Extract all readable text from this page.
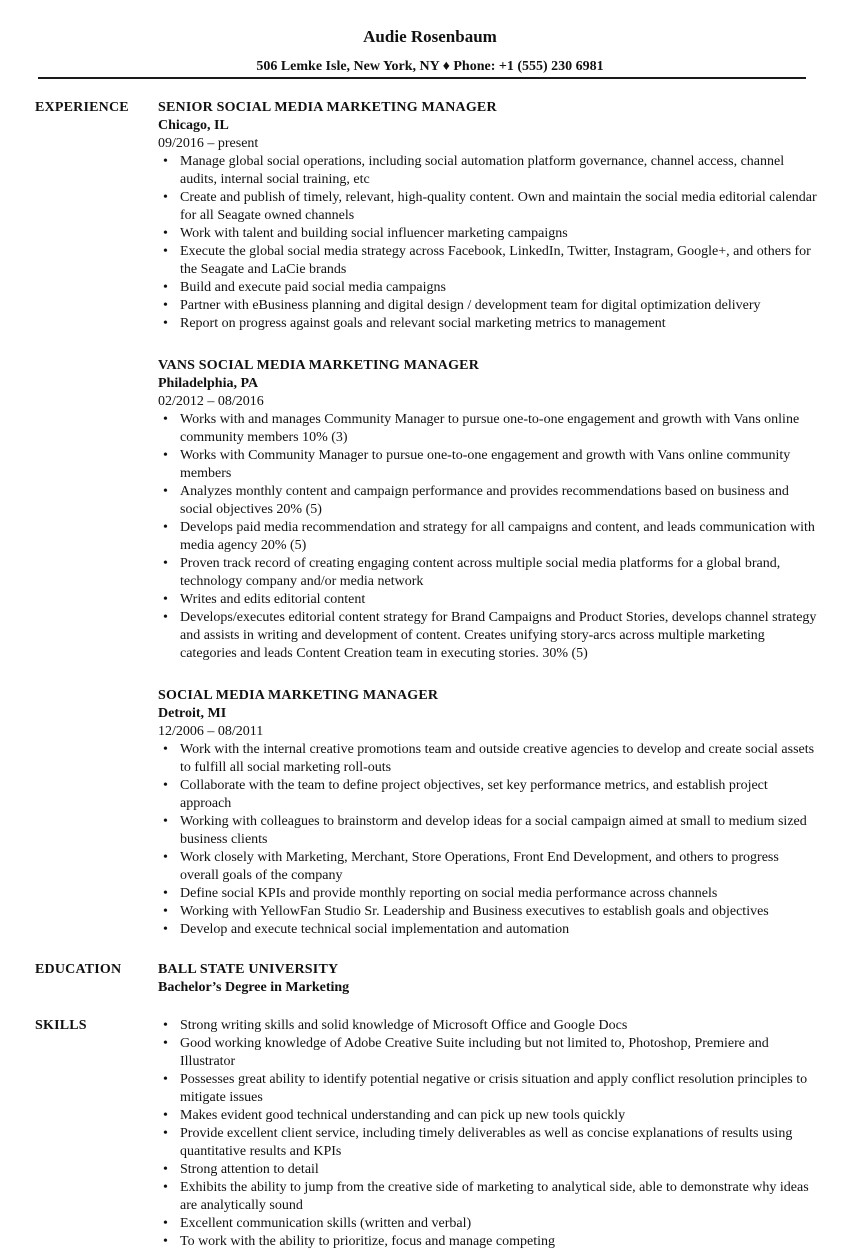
Audie Rosenbaum
506 Lemke Isle, New York, NY ♦ Phone: +1 (555) 230 6981
EXPERIENCE SENIOR SOCIAL MEDIA MARKETING MANAGER
Chicago, IL
09/2016 – present
• Manage global social operations, including social automation platform governance, channel access, channel audits, internal social training, etc
• Create and publish of timely, relevant, high-quality content. Own and maintain the social media editorial calendar for all Seagate owned channels
• Work with talent and building social influencer marketing campaigns
• Execute the global social media strategy across Facebook, LinkedIn, Twitter, Instagram, Google+, and others for the Seagate and LaCie brands
• Build and execute paid social media campaigns
• Partner with eBusiness planning and digital design / development team for digital optimization delivery
• Report on progress against goals and relevant social marketing metrics to management
VANS SOCIAL MEDIA MARKETING MANAGER
Philadelphia, PA
02/2012 – 08/2016
• Works with and manages Community Manager to pursue one-to-one engagement and growth with Vans online community members 10% (3)
• Works with Community Manager to pursue one-to-one engagement and growth with Vans online community members
• Analyzes monthly content and campaign performance and provides recommendations based on business and social objectives 20% (5)
• Develops paid media recommendation and strategy for all campaigns and content, and leads communication with media agency 20% (5)
• Proven track record of creating engaging content across multiple social media platforms for a global brand, technology company and/or media network
• Writes and edits editorial content
• Develops/executes editorial content strategy for Brand Campaigns and Product Stories, develops channel strategy and assists in writing and development of content. Creates unifying story-arcs across multiple marketing categories and leads Content Creation team in executing stories. 30% (5)
SOCIAL MEDIA MARKETING MANAGER
Detroit, MI
12/2006 – 08/2011
• Work with the internal creative promotions team and outside creative agencies to develop and create social assets to fulfill all social marketing roll-outs
• Collaborate with the team to define project objectives, set key performance metrics, and establish project approach
• Working with colleagues to brainstorm and develop ideas for a social campaign aimed at small to medium sized business clients
• Work closely with Marketing, Merchant, Store Operations, Front End Development, and others to progress overall goals of the company
• Define social KPIs and provide monthly reporting on social media performance across channels
• Working with YellowFan Studio Sr. Leadership and Business executives to establish goals and objectives
• Develop and execute technical social implementation and automation
EDUCATION	BALL STATE UNIVERSITY
Bachelor’s Degree in Marketing
SKILLS
•	Strong writing skills and solid knowledge of Microsoft Office and Google Docs
• Good working knowledge of Adobe Creative Suite including but not limited to, Photoshop, Premiere and Illustrator
• Possesses great ability to identify potential negative or crisis situation and apply conflict resolution principles to mitigate issues
• Makes evident good technical understanding and can pick up new tools quickly
• Provide excellent client service, including timely deliverables as well as concise explanations of results using quantitative results and KPIs
• Strong attention to detail
• Exhibits the ability to jump from the creative side of marketing to analytical side, able to demonstrate why ideas are analytically sound
• Excellent communication skills (written and verbal)
• To work with the ability to prioritize, focus and manage competing
